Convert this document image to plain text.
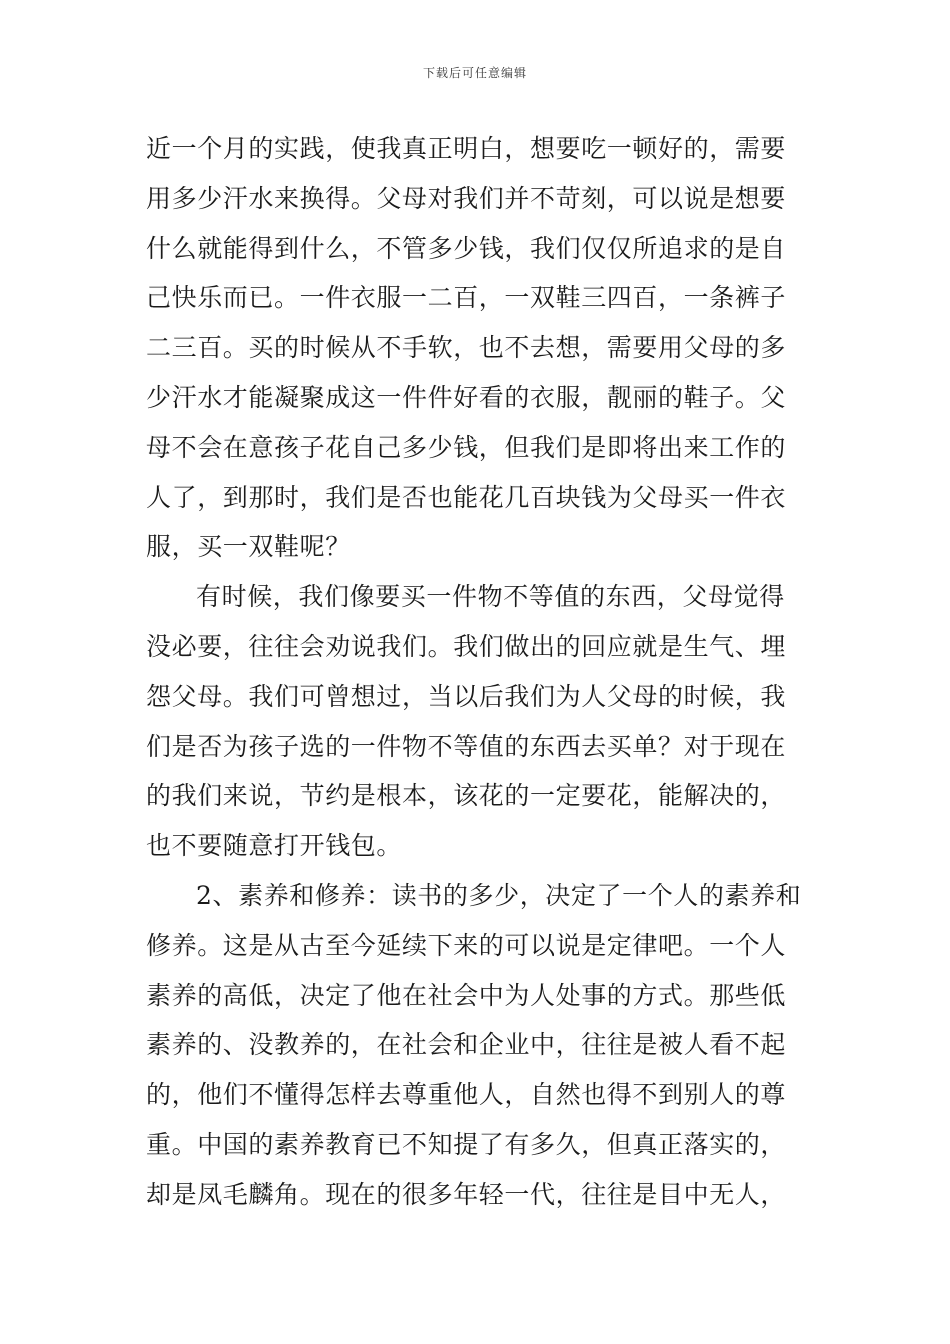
下载后可任意编辑
近一个月的实践，使我真正明白，想要吃一顿好的，需要
用多少汗水来换得。父母对我们并不苛刻，可以说是想要
什么就能得到什么，不管多少钱，我们仅仅所追求的是自
己快乐而已。一件衣服一二百，一双鞋三四百，一条裤子
二三百。买的时候从不手软，也不去想，需要用父母的多
少汗水才能凝聚成这一件件好看的衣服，靓丽的鞋子。父
母不会在意孩子花自己多少钱，但我们是即将出来工作的
人了，到那时，我们是否也能花几百块钱为父母买一件衣
服，买一双鞋呢？
有时候，我们像要买一件物不等值的东西，父母觉得
没必要，往往会劝说我们。我们做出的回应就是生气、埋
怨父母。我们可曾想过，当以后我们为人父母的时候，我
们是否为孩子选的一件物不等值的东西去买单？对于现在
的我们来说，节约是根本，该花的一定要花，能解决的，
也不要随意打开钱包。
2、素养和修养：读书的多少，决定了一个人的素养和
修养。这是从古至今延续下来的可以说是定律吧。一个人
素养的高低，决定了他在社会中为人处事的方式。那些低
素养的、没教养的，在社会和企业中，往往是被人看不起
的，他们不懂得怎样去尊重他人，自然也得不到别人的尊
重。中国的素养教育已不知提了有多久，但真正落实的，
却是凤毛麟角。现在的很多年轻一代，往往是目中无人，
